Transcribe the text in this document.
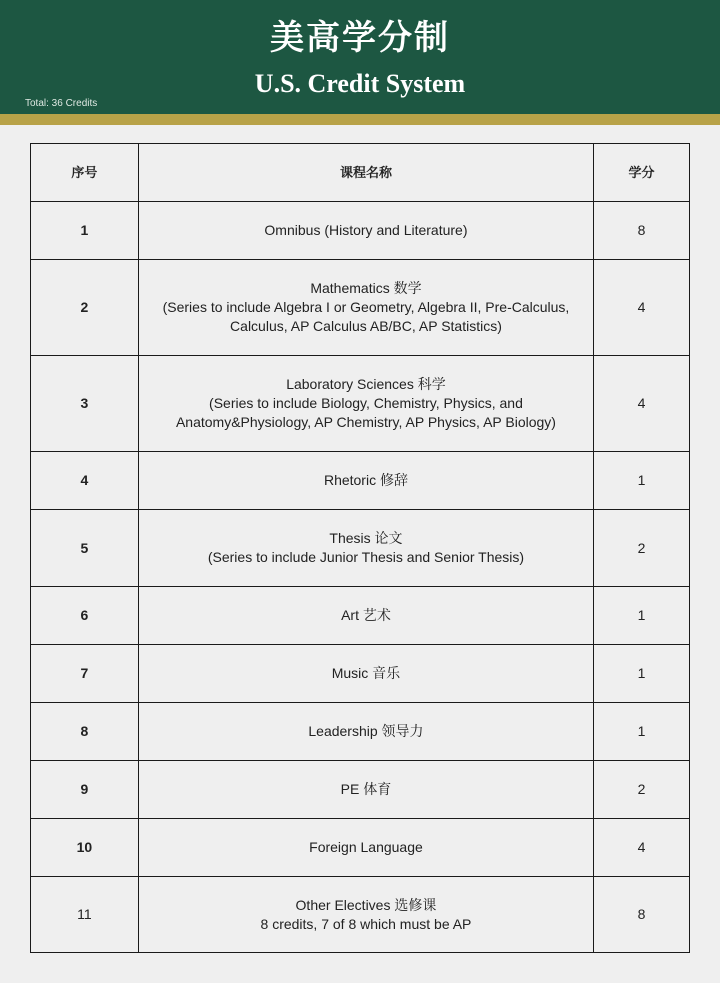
美高学分制
U.S. Credit System
Total: 36 Credits
序号	课程名称	学分
1	Omnibus (History and Literature)	8
2	Mathematics 数学
(Series to include Algebra I or Geometry, Algebra II, Pre-Calculus,
Calculus, AP Calculus AB/BC, AP Statistics)	4
3	Laboratory Sciences 科学
(Series to include Biology, Chemistry, Physics, and
Anatomy&Physiology, AP Chemistry, AP Physics, AP Biology)	4
4	Rhetoric 修辞	1
5	Thesis 论文
(Series to include Junior Thesis and Senior Thesis)	2
6	Art 艺术	1
7	Music 音乐	1
8	Leadership 领导力	1
9	PE 体育	2
10	Foreign Language	4
11	Other Electives 选修课
8 credits, 7 of 8 which must be AP	8
